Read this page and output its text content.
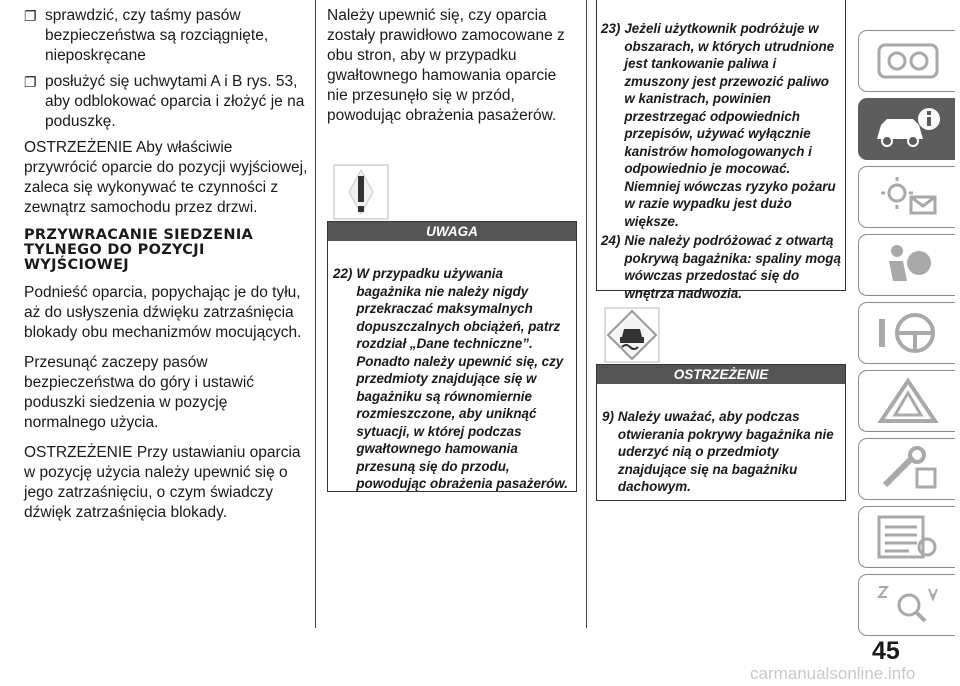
❐ sprawdzić, czy taśmy pasów bezpieczeństwa są rozciągnięte, nieposkręcane
❐ posłużyć się uchwytami A i B rys. 53, aby odblokować oparcia i złożyć je na poduszkę.

OSTRZEŻENIE Aby właściwie przywrócić oparcie do pozycji wyjściowej, zaleca się wykonywać te czynności z zewnątrz samochodu przez drzwi.

PRZYWRACANIE SIEDZENIA TYLNEGO DO POZYCJI WYJŚCIOWEJ

Podnieść oparcia, popychając je do tyłu, aż do usłyszenia dźwięku zatrzaśnięcia blokady obu mechanizmów mocujących.

Przesunąć zaczepy pasów bezpieczeństwa do góry i ustawić poduszki siedzenia w pozycję normalnego użycia.

OSTRZEŻENIE Przy ustawianiu oparcia w pozycję użycia należy upewnić się o jego zatrzaśnięciu, o czym świadczy dźwięk zatrzaśnięcia blokady.

Należy upewnić się, czy oparcia zostały prawidłowo zamocowane z obu stron, aby w przypadku gwałtownego hamowania oparcie nie przesunęło się w przód, powodując obrażenia pasażerów.

UWAGA
22) W przypadku używania bagażnika nie należy nigdy przekraczać maksymalnych dopuszczalnych obciążeń, patrz rozdział „Dane techniczne”. Ponadto należy upewnić się, czy przedmioty znajdujące się w bagażniku są równomiernie rozmieszczone, aby uniknąć sytuacji, w której podczas gwałtownego hamowania przesuną się do przodu, powodując obrażenia pasażerów.
23) Jeżeli użytkownik podróżuje w obszarach, w których utrudnione jest tankowanie paliwa i zmuszony jest przewozić paliwo w kanistrach, powinien przestrzegać odpowiednich przepisów, używać wyłącznie kanistrów homologowanych i odpowiednio je mocować. Niemniej wówczas ryzyko pożaru w razie wypadku jest dużo większe.
24) Nie należy podróżować z otwartą pokrywą bagażnika: spaliny mogą wówczas przedostać się do wnętrza nadwozia.
OSTRZEŻENIE
9) Należy uważać, aby podczas otwierania pokrywy bagażnika nie uderzyć nią o przedmioty znajdujące się na bagażniku dachowym.
45
carmanualsonline.info
